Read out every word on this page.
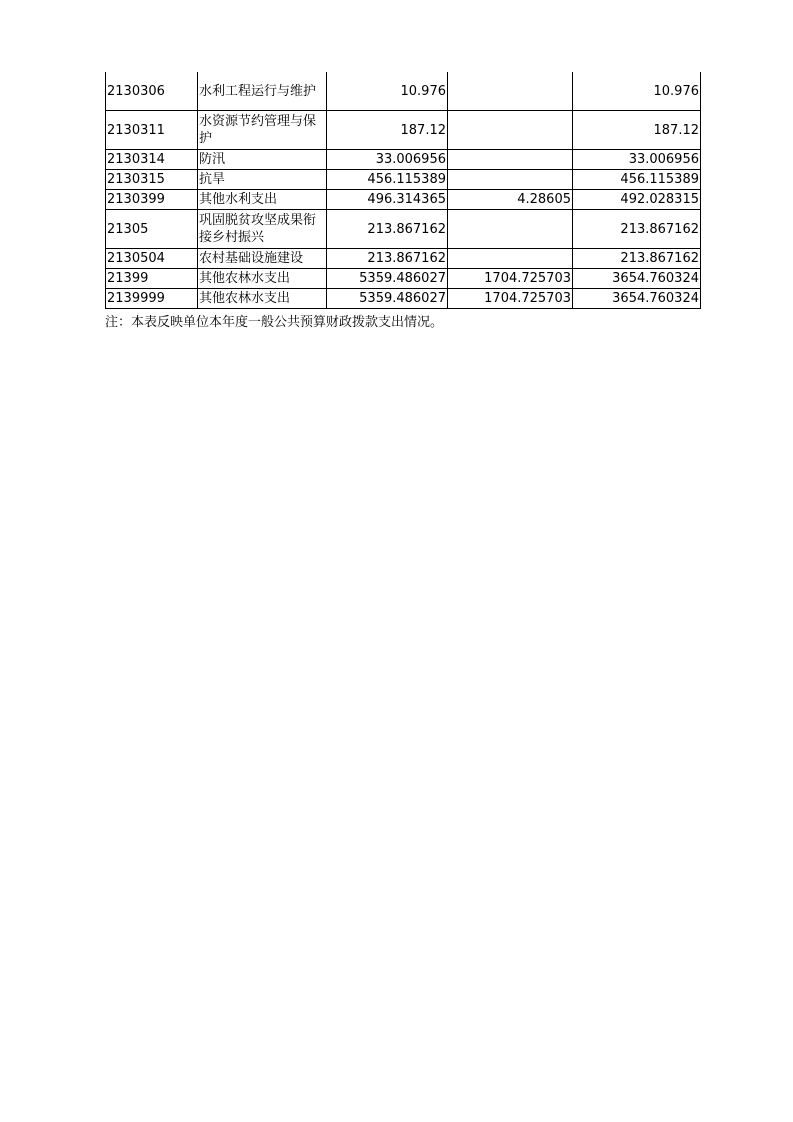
2130306	水利工程运行与维护	10.976		10.976
2130311	水资源节约管理与保护	187.12		187.12
2130314	防汛	33.006956		33.006956
2130315	抗旱	456.115389		456.115389
2130399	其他水利支出	496.314365	4.28605	492.028315
21305	巩固脱贫攻坚成果衔接乡村振兴	213.867162		213.867162
2130504	农村基础设施建设	213.867162		213.867162
21399	其他农林水支出	5359.486027	1704.725703	3654.760324
2139999	其他农林水支出	5359.486027	1704.725703	3654.760324
注：本表反映单位本年度一般公共预算财政拨款支出情况。
